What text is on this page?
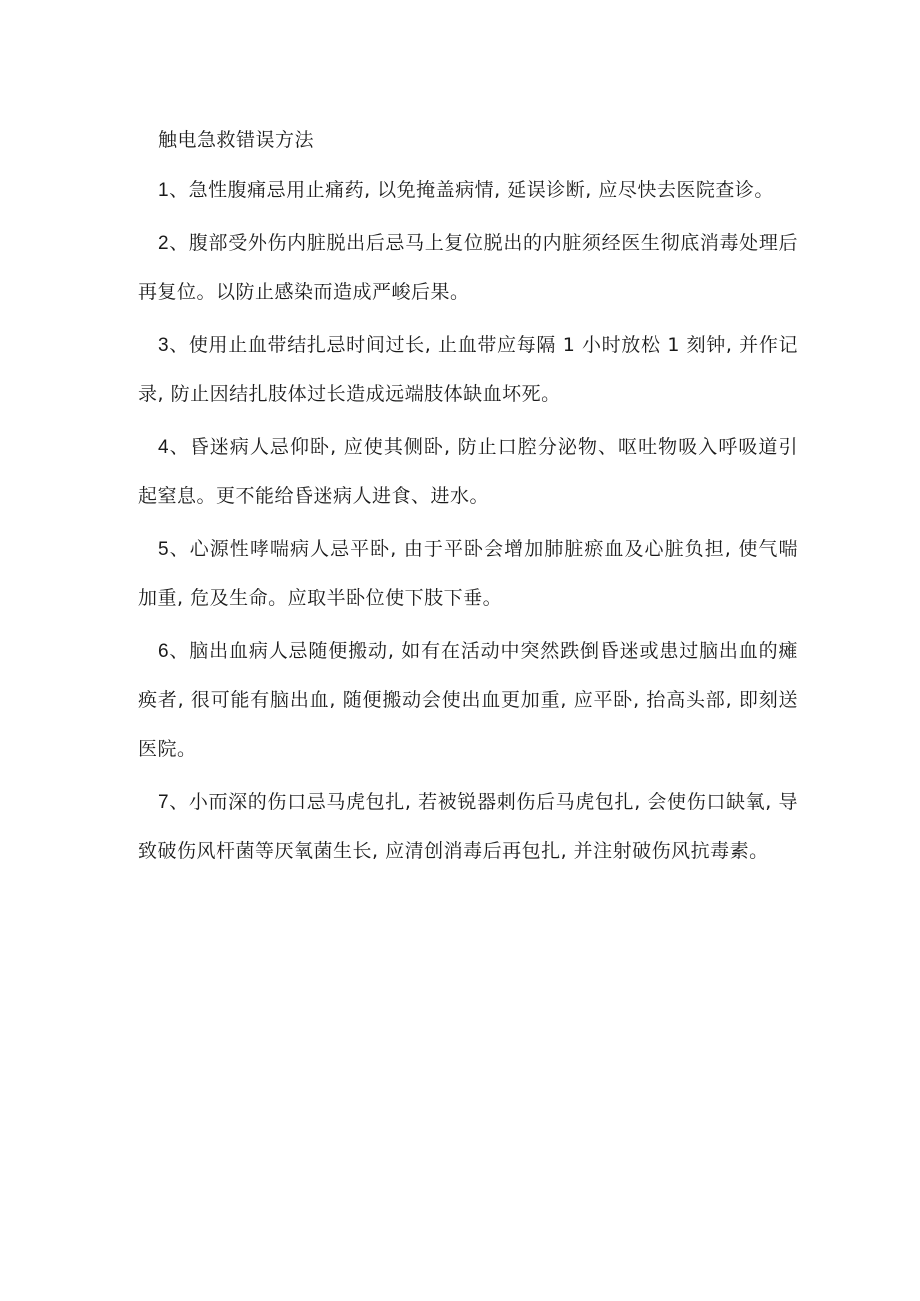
触电急救错误方法

1、急性腹痛忌用止痛药, 以免掩盖病情, 延误诊断, 应尽快去医院查诊。

2、腹部受外伤内脏脱出后忌马上复位脱出的内脏须经医生彻底消毒处理后再复位。以防止感染而造成严峻后果。

3、使用止血带结扎忌时间过长, 止血带应每隔 1 小时放松 1 刻钟, 并作记录, 防止因结扎肢体过长造成远端肢体缺血坏死。

4、昏迷病人忌仰卧, 应使其侧卧, 防止口腔分泌物、呕吐物吸入呼吸道引起窒息。更不能给昏迷病人进食、进水。

5、心源性哮喘病人忌平卧, 由于平卧会增加肺脏瘀血及心脏负担, 使气喘加重, 危及生命。应取半卧位使下肢下垂。

6、脑出血病人忌随便搬动, 如有在活动中突然跌倒昏迷或患过脑出血的瘫痪者, 很可能有脑出血, 随便搬动会使出血更加重, 应平卧, 抬高头部, 即刻送医院。

7、小而深的伤口忌马虎包扎, 若被锐器刺伤后马虎包扎, 会使伤口缺氧, 导致破伤风杆菌等厌氧菌生长, 应清创消毒后再包扎, 并注射破伤风抗毒素。
